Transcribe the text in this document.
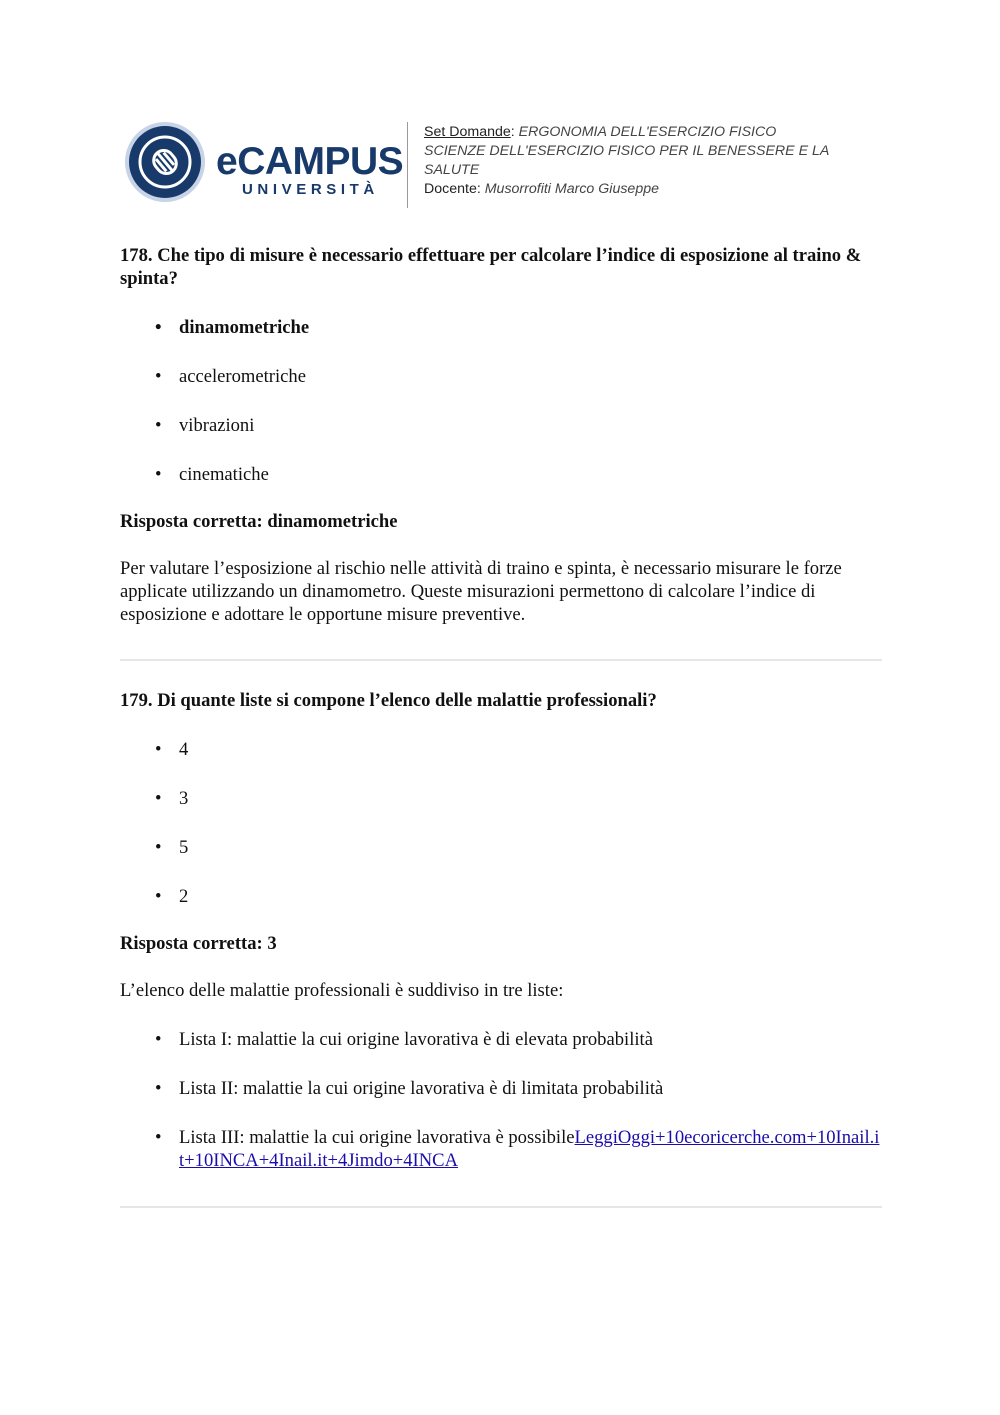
eCAMPUS
UNIVERSITÀ

Set Domande: ERGONOMIA DELL'ESERCIZIO FISICO

SCIENZE DELL'ESERCIZIO FISICO PER IL BENESSERE E LA SALUTE

Docente: Musorrofiti Marco Giuseppe

178. Che tipo di misure è necessario effettuare per calcolare l’indice di esposizione al traino & spinta?

• dinamometriche
• accelerometriche
• vibrazioni
• cinematiche

Risposta corretta: dinamometriche

Per valutare l’esposizione al rischio nelle attività di traino e spinta, è necessario misurare le forze applicate utilizzando un dinamometro. Queste misurazioni permettono di calcolare l’indice di esposizione e adottare le opportune misure preventive.

179. Di quante liste si compone l’elenco delle malattie professionali?

• 4
• 3
• 5
• 2

Risposta corretta: 3

L’elenco delle malattie professionali è suddiviso in tre liste:

• Lista I: malattie la cui origine lavorativa è di elevata probabilità
• Lista II: malattie la cui origine lavorativa è di limitata probabilità
• Lista III: malattie la cui origine lavorativa è possibileLeggiOggi+10ecoricerche.com+10Inail.it+10INCA+4Inail.it+4Jimdo+4INCA
